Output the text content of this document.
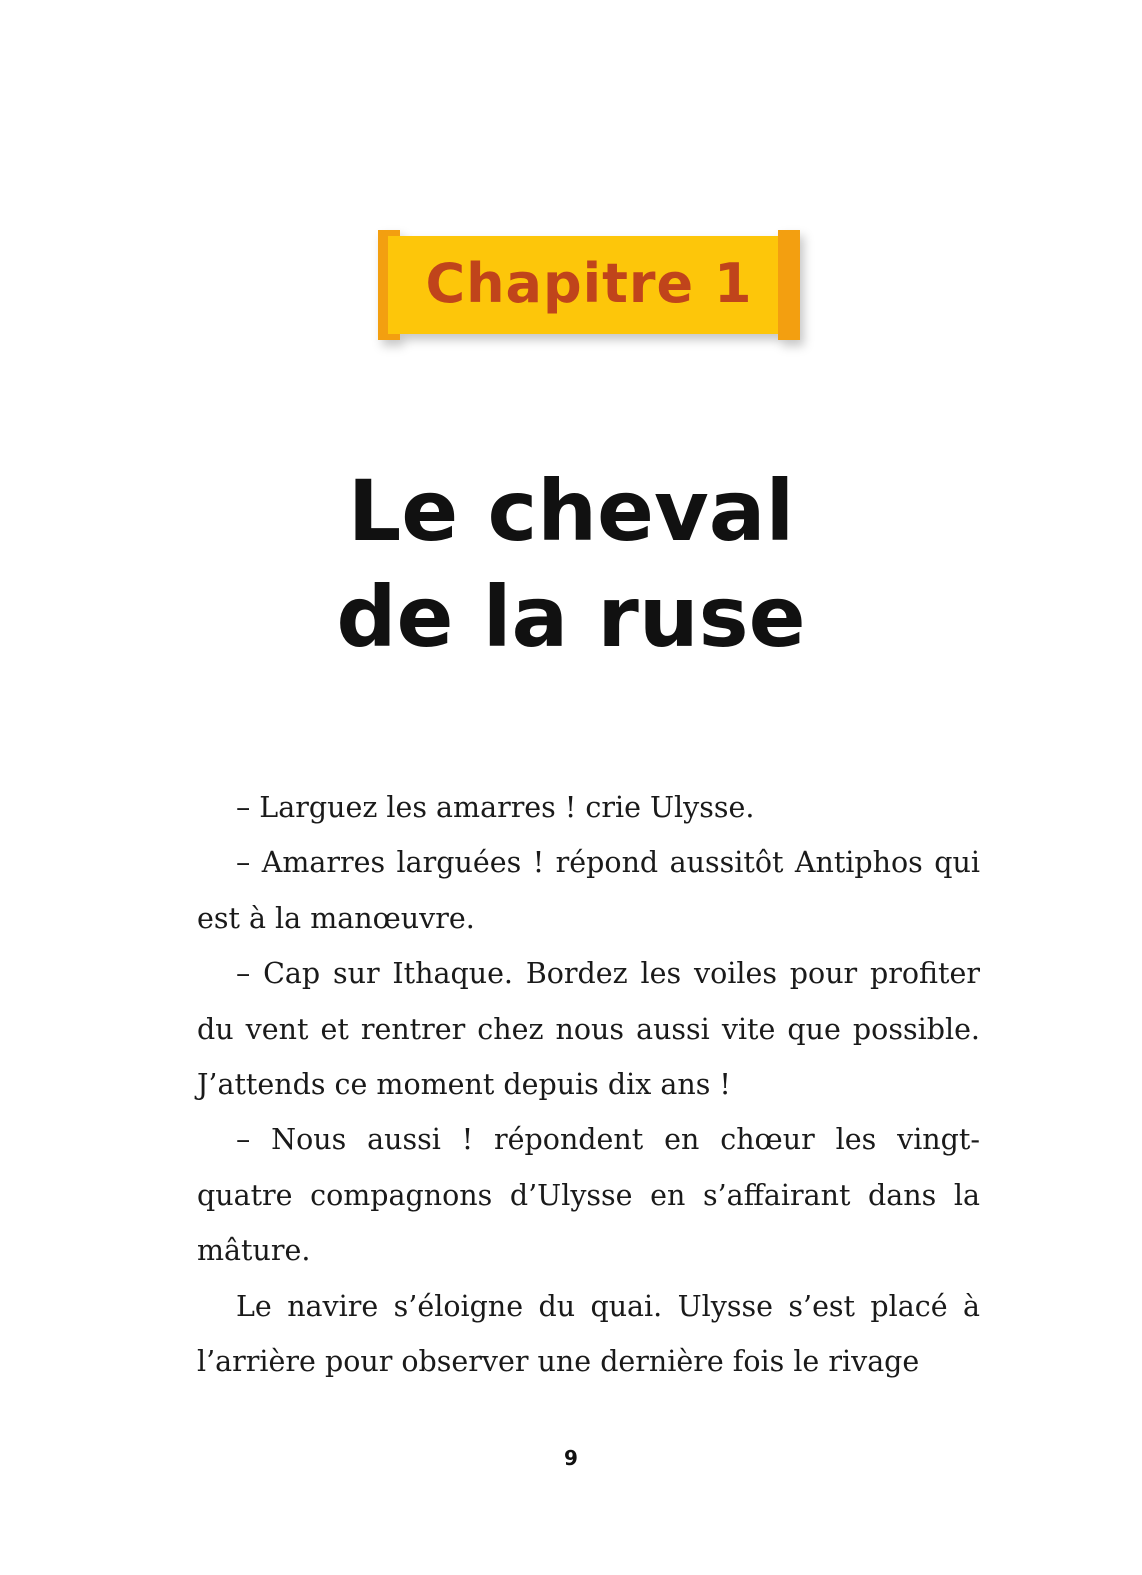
Chapitre 1
Le cheval
de la ruse

– Larguez les amarres ! crie Ulysse.

– Amarres larguées ! répond aussitôt Antiphos qui est à la manœuvre.

– Cap sur Ithaque. Bordez les voiles pour profiter du vent et rentrer chez nous aussi vite que possible. J’attends ce moment depuis dix ans !

– Nous aussi ! répondent en chœur les vingt-quatre compagnons d’Ulysse en s’affairant dans la mâture.

Le navire s’éloigne du quai. Ulysse s’est placé à l’arrière pour observer une dernière fois le rivage

9
